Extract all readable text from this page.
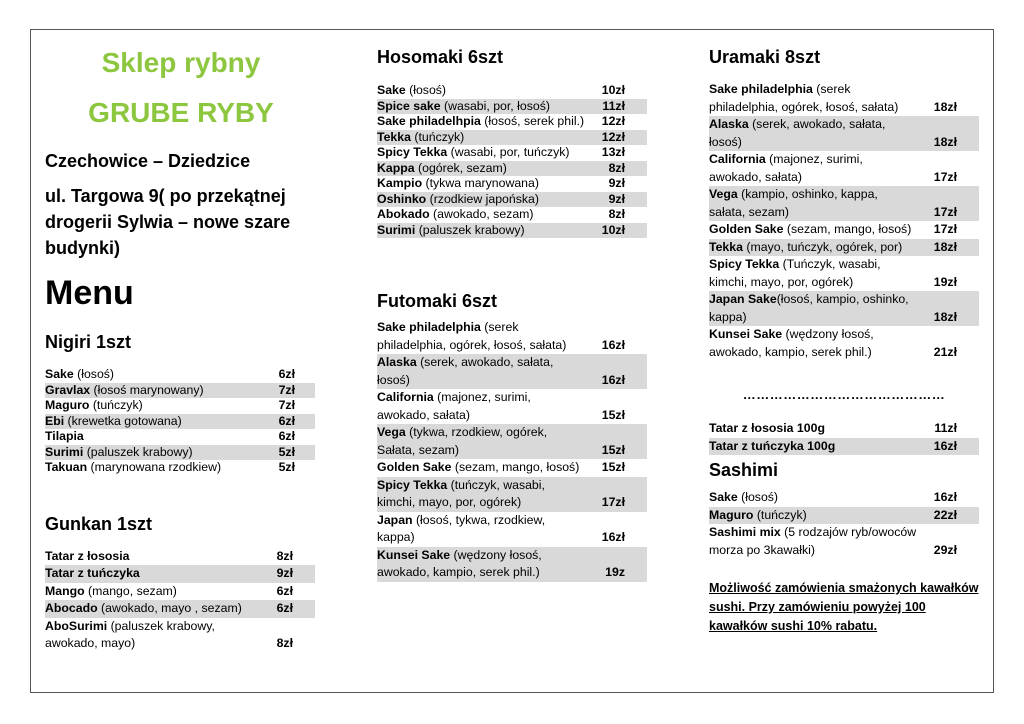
Sklep rybny
GRUBE RYBY
Czechowice – Dziedzice
ul. Targowa 9( po przekątnej drogerii Sylwia – nowe szare budynki)
Menu
Nigiri 1szt
Sake (łosoś)	6zł
Gravlax (łosoś marynowany)	7zł
Maguro (tuńczyk)	7zł
Ebi (krewetka gotowana)	6zł
Tilapia	6zł
Surimi (paluszek krabowy)	5zł
Takuan (marynowana rzodkiew)	5zł
Gunkan 1szt
Tatar z łososia	8zł
Tatar z tuńczyka	9zł
Mango (mango, sezam)	6zł
Abocado (awokado, mayo , sezam)	6zł
AboSurimi (paluszek krabowy, awokado, mayo)	8zł
Hosomaki 6szt
Sake (łosoś)	10zł
Spice sake (wasabi, por, łosoś)	11zł
Sake philadelhpia (łosoś, serek phil.) 12zł
Tekka (tuńczyk)	12zł
Spicy Tekka (wasabi, por, tuńczyk)	13zł
Kappa (ogórek, sezam)	8zł
Kampio (tykwa marynowana)	9zł
Oshinko (rzodkiew japońska)	9zł
Abokado (awokado, sezam)	8zł
Surimi (paluszek krabowy)	10zł
Futomaki 6szt
Sake philadelphia (serek philadelphia, ogórek, łosoś, sałata)	16zł
Alaska (serek, awokado, sałata, łosoś)	16zł
California (majonez, surimi, awokado, sałata)	15zł
Vega (tykwa, rzodkiew, ogórek, Sałata, sezam)	15zł
Golden Sake (sezam, mango, łosoś) 15zł
Spicy Tekka (tuńczyk, wasabi, kimchi, mayo, por, ogórek)	17zł
Japan (łosoś, tykwa, rzodkiew, kappa)	16zł
Kunsei Sake (wędzony łosoś, awokado, kampio, serek phil.)	19z
Uramaki 8szt
Sake philadelphia (serek philadelphia, ogórek, łosoś, sałata)	18zł
Alaska (serek, awokado, sałata, łosoś)	18zł
California (majonez, surimi, awokado, sałata)	17zł
Vega (kampio, oshinko, kappa, sałata, sezam)	17zł
Golden Sake (sezam, mango, łosoś) 17zł
Tekka (mayo, tuńczyk, ogórek, por)	18zł
Spicy Tekka (Tuńczyk, wasabi, kimchi, mayo, por, ogórek)	19zł
Japan Sake(łosoś, kampio, oshinko, kappa)	18zł
Kunsei Sake (wędzony łosoś, awokado, kampio, serek phil.)	21zł
………………………………………
Tatar z łososia 100g	11zł
Tatar z tuńczyka 100g	16zł
Sashimi
Sake (łosoś)	16zł
Maguro (tuńczyk)	22zł
Sashimi mix (5 rodzajów ryb/owoców morza po 3kawałki)	29zł
Możliwość zamówienia smażonych kawałków sushi. Przy zamówieniu powyżej 100 kawałków sushi 10% rabatu.
